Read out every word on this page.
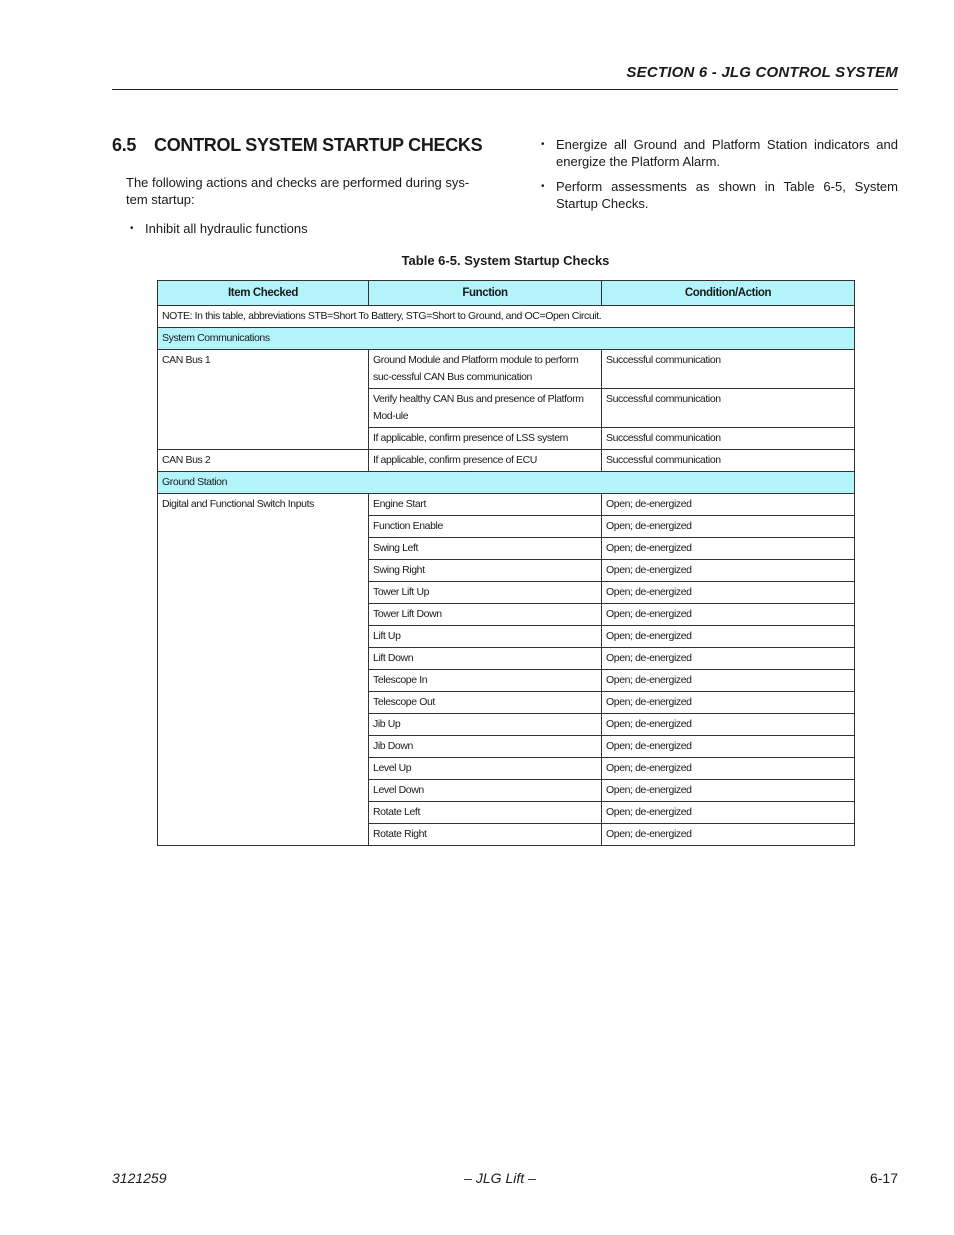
SECTION 6 - JLG CONTROL SYSTEM
6.5 CONTROL SYSTEM STARTUP CHECKS
The following actions and checks are performed during sys-tem startup:
• Inhibit all hydraulic functions
• Energize all Ground and Platform Station indicators and energize the Platform Alarm.
• Perform assessments as shown in Table 6-5, System Startup Checks.
Table 6-5. System Startup Checks
Item Checked	Function	Condition/Action
NOTE: In this table, abbreviations STB=Short To Battery, STG=Short to Ground, and OC=Open Circuit.		
System Communications		
CAN Bus 1	Ground Module and Platform module to perform suc-cessful CAN Bus communication	Successful communication
	Verify healthy CAN Bus and presence of Platform Mod-ule	Successful communication
	If applicable, confirm presence of LSS system	Successful communication
CAN Bus 2	If applicable, confirm presence of ECU	Successful communication
Ground Station		
Digital and Functional Switch Inputs	Engine Start	Open; de-energized
	Function Enable	Open; de-energized
	Swing Left	Open; de-energized
	Swing Right	Open; de-energized
	Tower Lift Up	Open; de-energized
	Tower Lift Down	Open; de-energized
	Lift Up	Open; de-energized
	Lift Down	Open; de-energized
	Telescope In	Open; de-energized
	Telescope Out	Open; de-energized
	Jib Up	Open; de-energized
	Jib Down	Open; de-energized
	Level Up	Open; de-energized
	Level Down	Open; de-energized
	Rotate Left	Open; de-energized
	Rotate Right	Open; de-energized
3121259	– JLG Lift –	6-17
